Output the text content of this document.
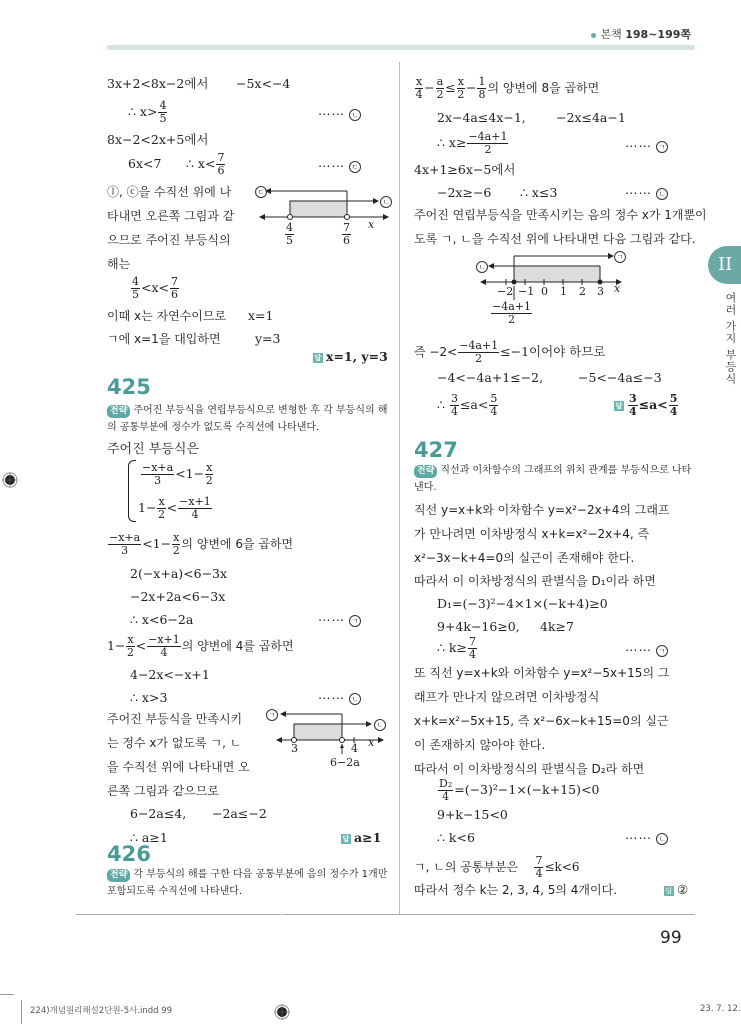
본책 198~199쪽
II
여러 가지 부등식
3x+2<8x−2에서 −5x<−4
∴ $x> \frac{4}{5}$	⋯⋯ ㄴ
8x−2<2x+5에서
6x<7 ∴ $x< \frac{7}{6}$	⋯⋯ ㄷ
ⓛ, ⓒ을 수직선 위에 나
타내면 오른쪽 그림과 같
으므로 주어진 부등식의
해는
ㄷ
ㄴ
4
5
7
6
x
$\frac{4}{5} <x< \frac{7}{6}$
이때 x는 자연수이므로 x=1
ㄱ에 x=1을 대입하면	y=3
답 x=1, y=3
425
전략 주어진 부등식을 연립부등식으로 변형한 후 각 부등식의 해
의 공통부분에 정수가 없도록 수직선에 나타낸다.
주어진 부등식은
$\frac{-x+a}{3} <1- \frac{x}{2}$
$1- \frac{x}{2} < \frac{-x+1}{4}$
$\frac{-x+a}{3} <1- \frac{x}{2}$ 의 양변에 6을 곱하면
2(−x+a)<6−3x
−2x+2a<6−3x
∴ x<6−2a	⋯⋯ ㄱ
$1- \frac{x}{2} < \frac{-x+1}{4}$ 의 양변에 4를 곱하면
4−2x<−x+1
∴ x>3	⋯⋯ ㄴ
주어진 부등식을 만족시키
는 정수 x가 없도록 ㄱ, ㄴ
을 수직선 위에 나타내면 오
른쪽 그림과 같으므로
ㄱ
ㄴ
3	4 x
6−2a
6−2a≤4, −2a≤−2
∴ a≥1	답 a≥1
426
전략 각 부등식의 해를 구한 다음 공통부분에 음의 정수가 1개만
포함되도록 수직선에 나타낸다.
$\frac{x}{4} - \frac{a}{2} \le \frac{x}{2} - \frac{1}{8}$ 의 양변에 8을 곱하면
2x−4a≤4x−1, −2x≤4a−1
∴ $x\ge \frac{-4a+1}{2}$	⋯⋯ ㄱ
4x+1≥6x−5에서
−2x≥−6 ∴ x≤3	⋯⋯ ㄴ
주어진 연립부등식을 만족시키는 음의 정수 x가 1개뿐이
도록 ㄱ, ㄴ을 수직선 위에 나타내면 다음 그림과 같다.
ㄱ
ㄴ
−2 −1 0 1 2 3 x
−4a+1
2
즉 $-2< \frac{-4a+1}{2} \le-1$이어야 하므로
−4<−4a+1≤−2,	−5<−4a≤−3
∴ $\frac{3}{4} \le a< \frac{5}{4}$	답 $\frac{3}{4} \le a< \frac{5}{4}$
427
전략 직선과 이차함수의 그래프의 위치 관계를 부등식으로 나타
낸다.
직선 y=x+k와 이차함수 y=x²−2x+4의 그래프
가 만나려면 이차방정식 x+k=x²−2x+4, 즉
x²−3x−k+4=0의 실근이 존재해야 한다.
따라서 이 이차방정식의 판별식을 D₁이라 하면
D₁=(−3)²−4×1×(−k+4)≥0
9+4k−16≥0, 4k≥7
∴ $k\ge \frac{7}{4}$	⋯⋯ ㄱ
또 직선 y=x+k와 이차함수 y=x²−5x+15의 그
래프가 만나지 않으려면 이차방정식
x+k=x²−5x+15, 즉 x²−6x−k+15=0의 실근
이 존재하지 않아야 한다.
따라서 이 이차방정식의 판별식을 D₂라 하면
$\frac{\text{D₂}}{4} =(-3)^2-1\times(-k+15)<0$
9+k−15<0
∴ k<6	⋯⋯ ㄴ
ㄱ, ㄴ의 공통부분은 $\frac{7}{4} \le k<6$
따라서 정수 k는 2, 3, 4, 5의 4개이다.	답 ②
99
224)개념원리해설2단원-5사.indd 99	23. 7. 12.
